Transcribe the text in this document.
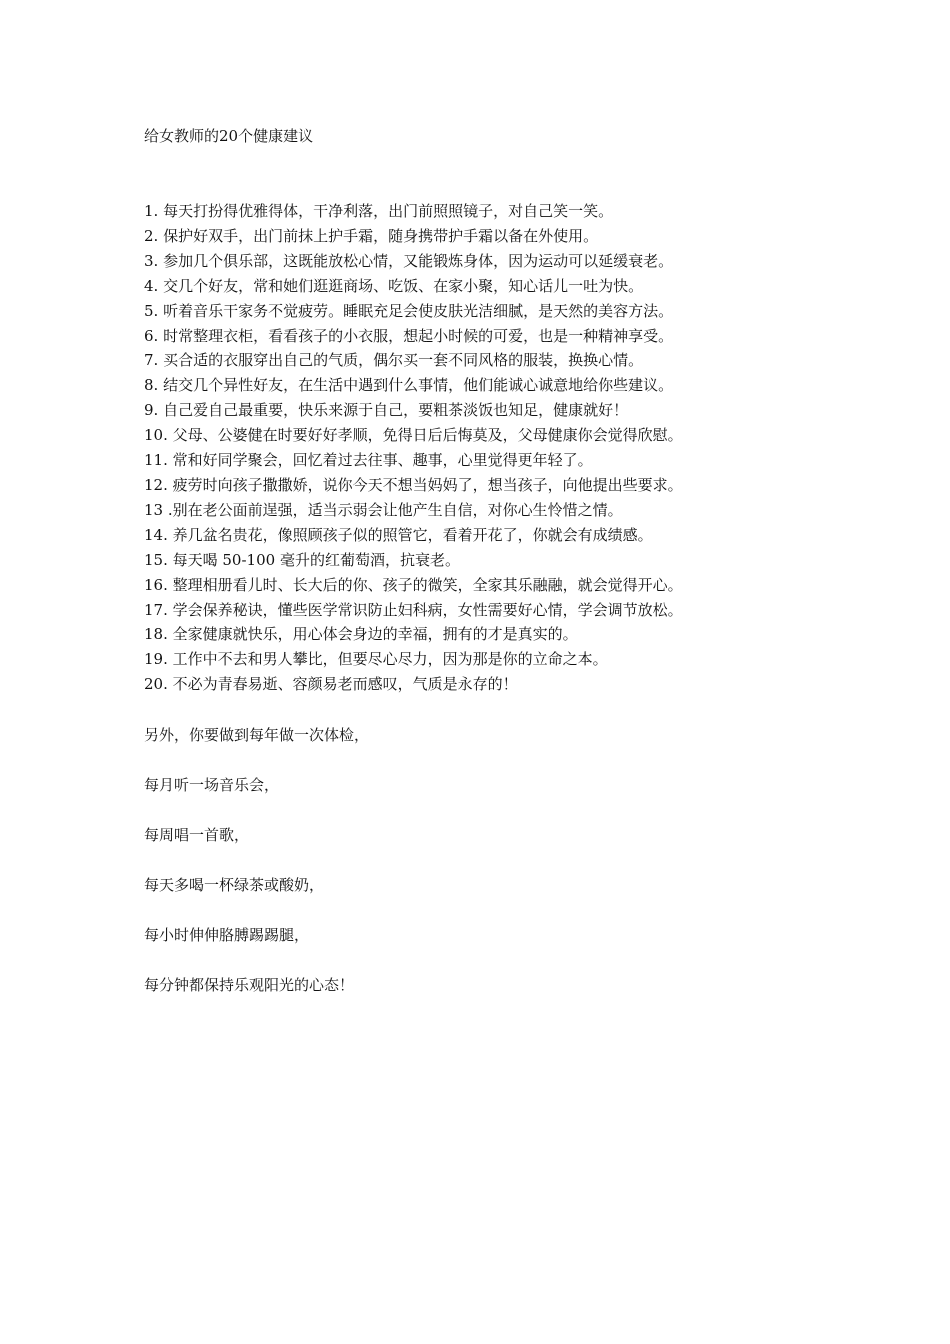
给女教师的20个健康建议
1. 每天打扮得优雅得体，干净利落，出门前照照镜子，对自己笑一笑。
2. 保护好双手，出门前抹上护手霜，随身携带护手霜以备在外使用。
3. 参加几个俱乐部，这既能放松心情，又能锻炼身体，因为运动可以延缓衰老。
4. 交几个好友，常和她们逛逛商场、吃饭、在家小聚，知心话儿一吐为快。
5. 听着音乐干家务不觉疲劳。睡眠充足会使皮肤光洁细腻，是天然的美容方法。
6. 时常整理衣柜，看看孩子的小衣服，想起小时候的可爱，也是一种精神享受。
7. 买合适的衣服穿出自己的气质，偶尔买一套不同风格的服装，换换心情。
8. 结交几个异性好友，在生活中遇到什么事情，他们能诚心诚意地给你些建议。
9. 自己爱自己最重要，快乐来源于自己，要粗茶淡饭也知足，健康就好！
10. 父母、公婆健在时要好好孝顺，免得日后后悔莫及，父母健康你会觉得欣慰。
11. 常和好同学聚会，回忆着过去往事、趣事，心里觉得更年轻了。
12. 疲劳时向孩子撒撒娇，说你今天不想当妈妈了，想当孩子，向他提出些要求。
13 .别在老公面前逞强，适当示弱会让他产生自信，对你心生怜惜之情。
14. 养几盆名贵花，像照顾孩子似的照管它，看着开花了，你就会有成绩感。
15. 每天喝 50-100 毫升的红葡萄酒，抗衰老。
16. 整理相册看儿时、长大后的你、孩子的微笑，全家其乐融融，就会觉得开心。
17. 学会保养秘诀，懂些医学常识防止妇科病，女性需要好心情，学会调节放松。
18. 全家健康就快乐，用心体会身边的幸福，拥有的才是真实的。
19. 工作中不去和男人攀比，但要尽心尽力，因为那是你的立命之本。
20. 不必为青春易逝、容颜易老而感叹，气质是永存的！
另外，你要做到每年做一次体检，
每月听一场音乐会，
每周唱一首歌，
每天多喝一杯绿茶或酸奶，
每小时伸伸胳膊踢踢腿，
每分钟都保持乐观阳光的心态！
